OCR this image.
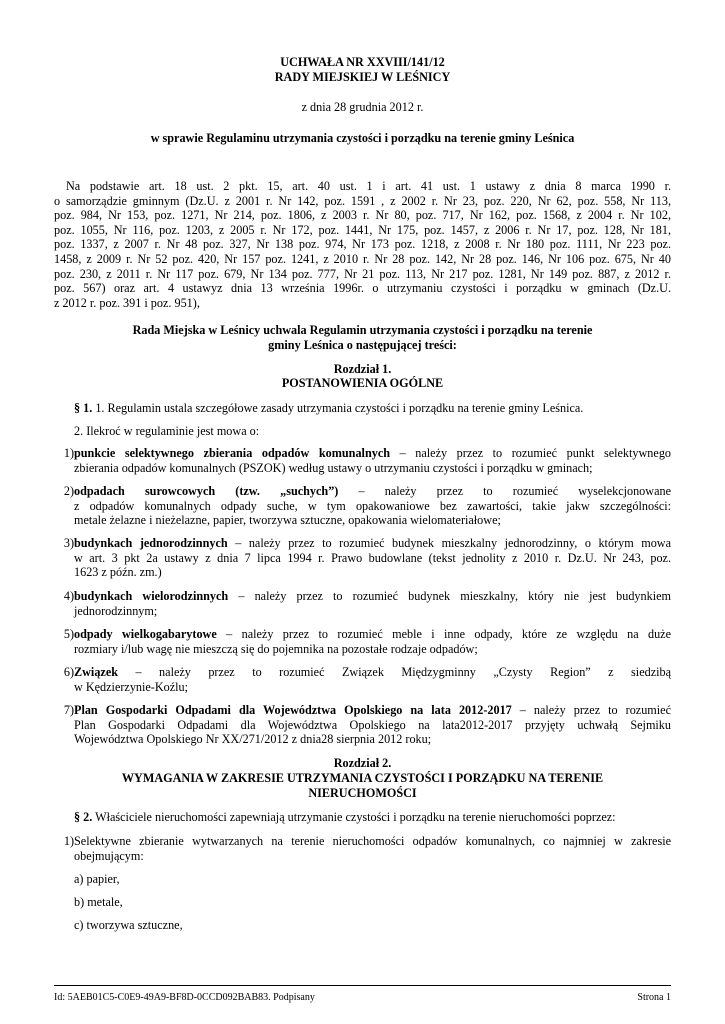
UCHWAŁA NR XXVIII/141/12
RADY MIEJSKIEJ W LEŚNICY
z dnia 28 grudnia 2012 r.
w sprawie Regulaminu utrzymania czystości i porządku na terenie gminy Leśnica
Na podstawie art. 18 ust. 2 pkt. 15, art. 40 ust. 1 i art. 41 ust. 1 ustawy z dnia 8 marca 1990 r.
o samorządzie gminnym (Dz.U. z 2001 r. Nr 142, poz. 1591 , z 2002 r. Nr 23, poz. 220, Nr 62, poz. 558, Nr 113,
poz. 984, Nr 153, poz. 1271, Nr 214, poz. 1806, z 2003 r. Nr 80, poz. 717, Nr 162, poz. 1568, z 2004 r. Nr 102,
poz. 1055, Nr 116, poz. 1203, z 2005 r. Nr 172, poz. 1441, Nr 175, poz. 1457, z 2006 r. Nr 17, poz. 128, Nr 181,
poz. 1337, z 2007 r. Nr 48 poz. 327, Nr 138 poz. 974, Nr 173 poz. 1218, z 2008 r. Nr 180 poz. 1111, Nr 223 poz.
1458, z 2009 r. Nr 52 poz. 420, Nr 157 poz. 1241, z 2010 r. Nr 28 poz. 142, Nr 28 poz. 146, Nr 106 poz. 675, Nr 40
poz. 230, z 2011 r. Nr 117 poz. 679, Nr 134 poz. 777, Nr 21 poz. 113, Nr 217 poz. 1281, Nr 149 poz. 887, z 2012 r.
poz. 567) oraz art. 4 ustawyz dnia 13 września 1996r. o utrzymaniu czystości i porządku w gminach (Dz.U.
z 2012 r. poz. 391 i poz. 951),
Rada Miejska w Leśnicy uchwala Regulamin utrzymania czystości i porządku na terenie
gminy Leśnica o następującej treści:
Rozdział 1.
POSTANOWIENIA OGÓLNE
§ 1. 1. Regulamin ustala szczegółowe zasady utrzymania czystości i porządku na terenie gminy Leśnica.
2. Ilekroć w regulaminie jest mowa o:
1) punkcie selektywnego zbierania odpadów komunalnych – należy przez to rozumieć punkt selektywnego
zbierania odpadów komunalnych (PSZOK) według ustawy o utrzymaniu czystości i porządku w gminach;
2) odpadach surowcowych (tzw. „suchych”) – należy przez to rozumieć wyselekcjonowane
z odpadów komunalnych odpady suche, w tym opakowaniowe bez zawartości, takie jakw szczególności:
metale żelazne i nieżelazne, papier, tworzywa sztuczne, opakowania wielomateriałowe;
3) budynkach jednorodzinnych – należy przez to rozumieć budynek mieszkalny jednorodzinny, o którym mowa
w art. 3 pkt 2a ustawy z dnia 7 lipca 1994 r. Prawo budowlane (tekst jednolity z 2010 r. Dz.U. Nr 243, poz.
1623 z późn. zm.)
4) budynkach wielorodzinnych – należy przez to rozumieć budynek mieszkalny, który nie jest budynkiem
jednorodzinnym;
5) odpady wielkogabarytowe – należy przez to rozumieć meble i inne odpady, które ze względu na duże
rozmiary i/lub wagę nie mieszczą się do pojemnika na pozostałe rodzaje odpadów;
6) Związek – należy przez to rozumieć Związek Międzygminny „Czysty Region” z siedzibą
w Kędzierzynie-Koźlu;
7) Plan Gospodarki Odpadami dla Województwa Opolskiego na lata 2012-2017 – należy przez to rozumieć
Plan Gospodarki Odpadami dla Województwa Opolskiego na lata2012-2017 przyjęty uchwałą Sejmiku
Województwa Opolskiego Nr XX/271/2012 z dnia28 sierpnia 2012 roku;
Rozdział 2.
WYMAGANIA W ZAKRESIE UTRZYMANIA CZYSTOŚCI I PORZĄDKU NA TERENIE
NIERUCHOMOŚCI
§ 2. Właściciele nieruchomości zapewniają utrzymanie czystości i porządku na terenie nieruchomości poprzez:
1) Selektywne zbieranie wytwarzanych na terenie nieruchomości odpadów komunalnych, co najmniej w zakresie
obejmującym:
a) papier,
b) metale,
c) tworzywa sztuczne,
Id: 5AEB01C5-C0E9-49A9-BF8D-0CCD092BAB83. Podpisany	Strona 1
